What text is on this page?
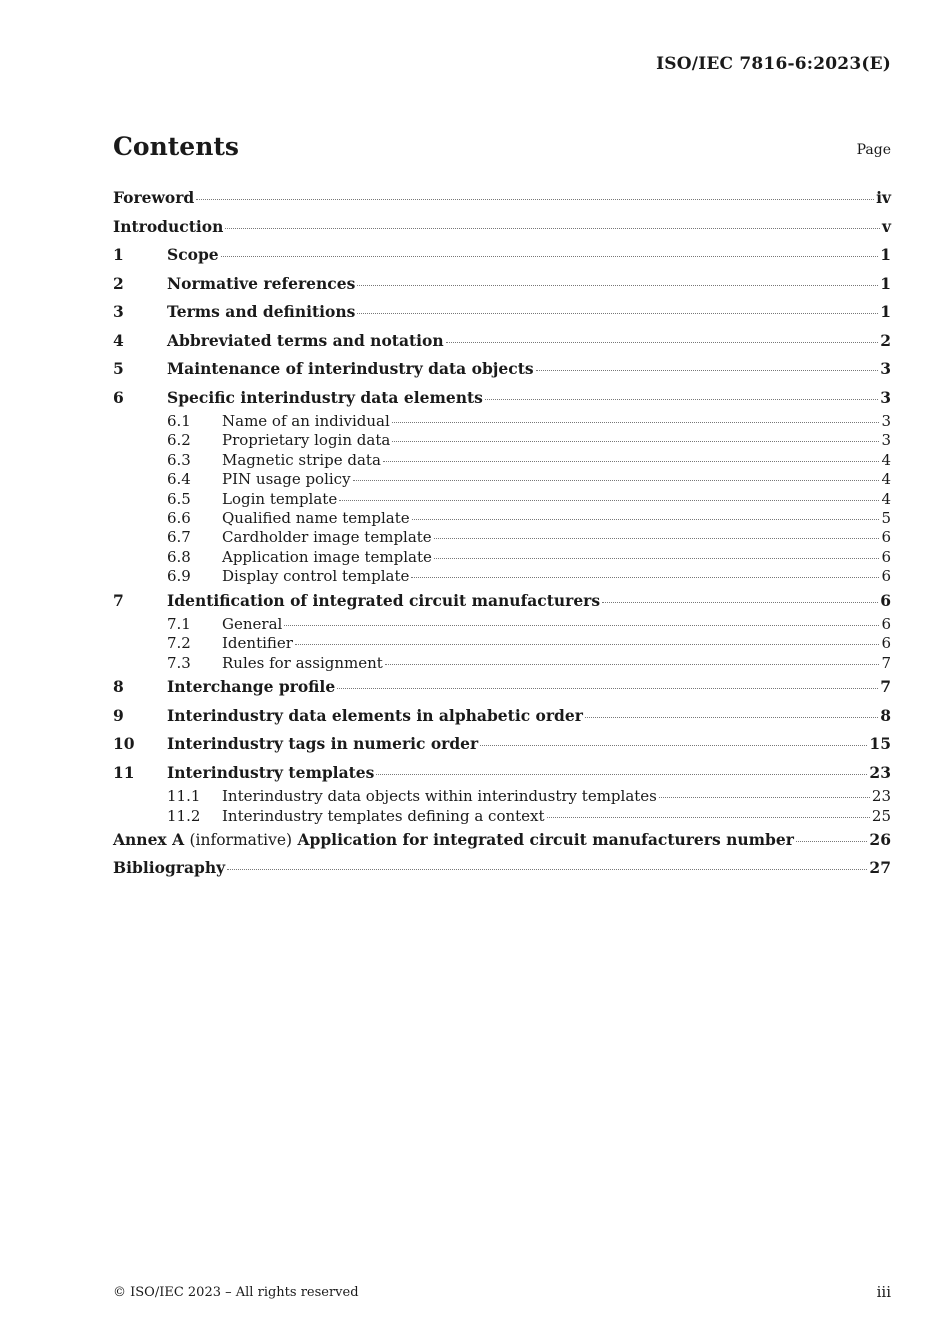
ISO/IEC 7816-6:2023(E)
Contents	Page
Foreword	iv
Introduction	v
1	Scope	1
2	Normative references	1
3	Terms and definitions	1
4	Abbreviated terms and notation	2
5	Maintenance of interindustry data objects	3
6	Specific interindustry data elements	3
6.1	Name of an individual	3
6.2	Proprietary login data	3
6.3	Magnetic stripe data	4
6.4	PIN usage policy	4
6.5	Login template	4
6.6	Qualified name template	5
6.7	Cardholder image template	6
6.8	Application image template	6
6.9	Display control template	6
7	Identification of integrated circuit manufacturers	6
7.1	General	6
7.2	Identifier	6
7.3	Rules for assignment	7
8	Interchange profile	7
9	Interindustry data elements in alphabetic order	8
10	Interindustry tags in numeric order	15
11	Interindustry templates	23
11.1	Interindustry data objects within interindustry templates	23
11.2	Interindustry templates defining a context	25
Annex A (informative) Application for integrated circuit manufacturers number	26
Bibliography	27
© ISO/IEC 2023 – All rights reserved	iii
